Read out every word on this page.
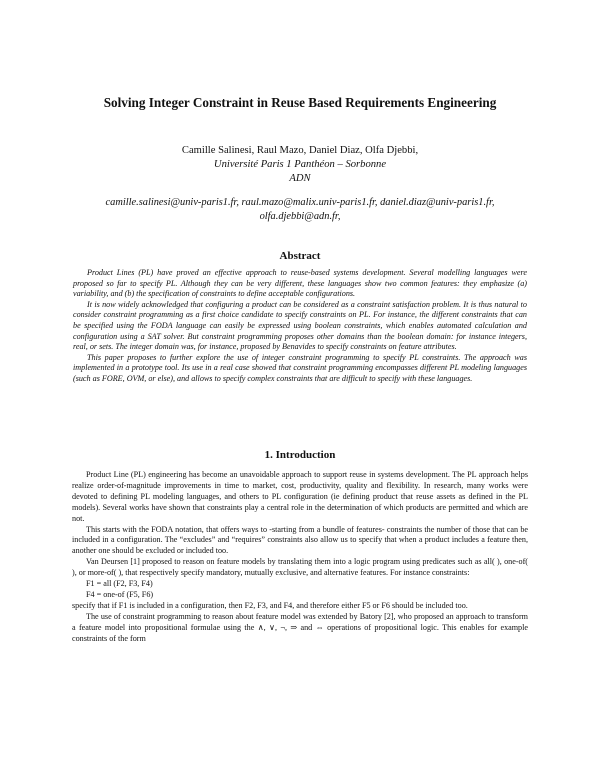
Solving Integer Constraint in Reuse Based Requirements Engineering
Camille Salinesi, Raul Mazo, Daniel Diaz, Olfa Djebbi,
Université Paris 1 Panthéon – Sorbonne
ADN
camille.salinesi@univ-paris1.fr, raul.mazo@malix.univ-paris1.fr, daniel.diaz@univ-paris1.fr,
olfa.djebbi@adn.fr,
Abstract

Product Lines (PL) have proved an effective approach to reuse-based systems development. Several modelling languages were proposed so far to specify PL. Although they can be very different, these languages show two common features: they emphasize (a) variability, and (b) the specification of constraints to define acceptable configurations.

It is now widely acknowledged that configuring a product can be considered as a constraint satisfaction problem. It is thus natural to consider constraint programming as a first choice candidate to specify constraints on PL. For instance, the different constraints that can be specified using the FODA language can easily be expressed using boolean constraints, which enables automated calculation and configuration using a SAT solver. But constraint programming proposes other domains than the boolean domain: for instance integers, real, or sets. The integer domain was, for instance, proposed by Benavides to specify constraints on feature attributes.

This paper proposes to further explore the use of integer constraint programming to specify PL constraints. The approach was implemented in a prototype tool. Its use in a real case showed that constraint programming encompasses different PL modeling languages (such as FORE, OVM, or else), and allows to specify complex constraints that are difficult to specify with these languages.

1. Introduction

Product Line (PL) engineering has become an unavoidable approach to support reuse in systems development. The PL approach helps realize order-of-magnitude improvements in time to market, cost, productivity, quality and flexibility. In research, many works were devoted to defining PL modeling languages, and others to PL configuration (ie defining product that reuse assets as defined in the PL models). Several works have shown that constraints play a central role in the determination of which products are permitted and which are not.

This starts with the FODA notation, that offers ways to -starting from a bundle of features- constraints the number of those that can be included in a configuration. The “excludes” and “requires” constraints also allow us to specify that when a product includes a feature then, another one should be excluded or included too.

Van Deursen [1] proposed to reason on feature models by translating them into a logic program using predicates such as all( ), one-of( ), or more-of( ), that respectively specify mandatory, mutually exclusive, and alternative features. For instance constraints:

F1 = all (F2, F3, F4)

F4 = one-of (F5, F6)

specify that if F1 is included in a configuration, then F2, F3, and F4, and therefore either F5 or F6 should be included too.

The use of constraint programming to reason about feature model was extended by Batory [2], who proposed an approach to transform a feature model into propositional formulae using the ∧, ∨, ¬, ⇒ and ⇔ operations of propositional logic. This enables for example constraints of the form
